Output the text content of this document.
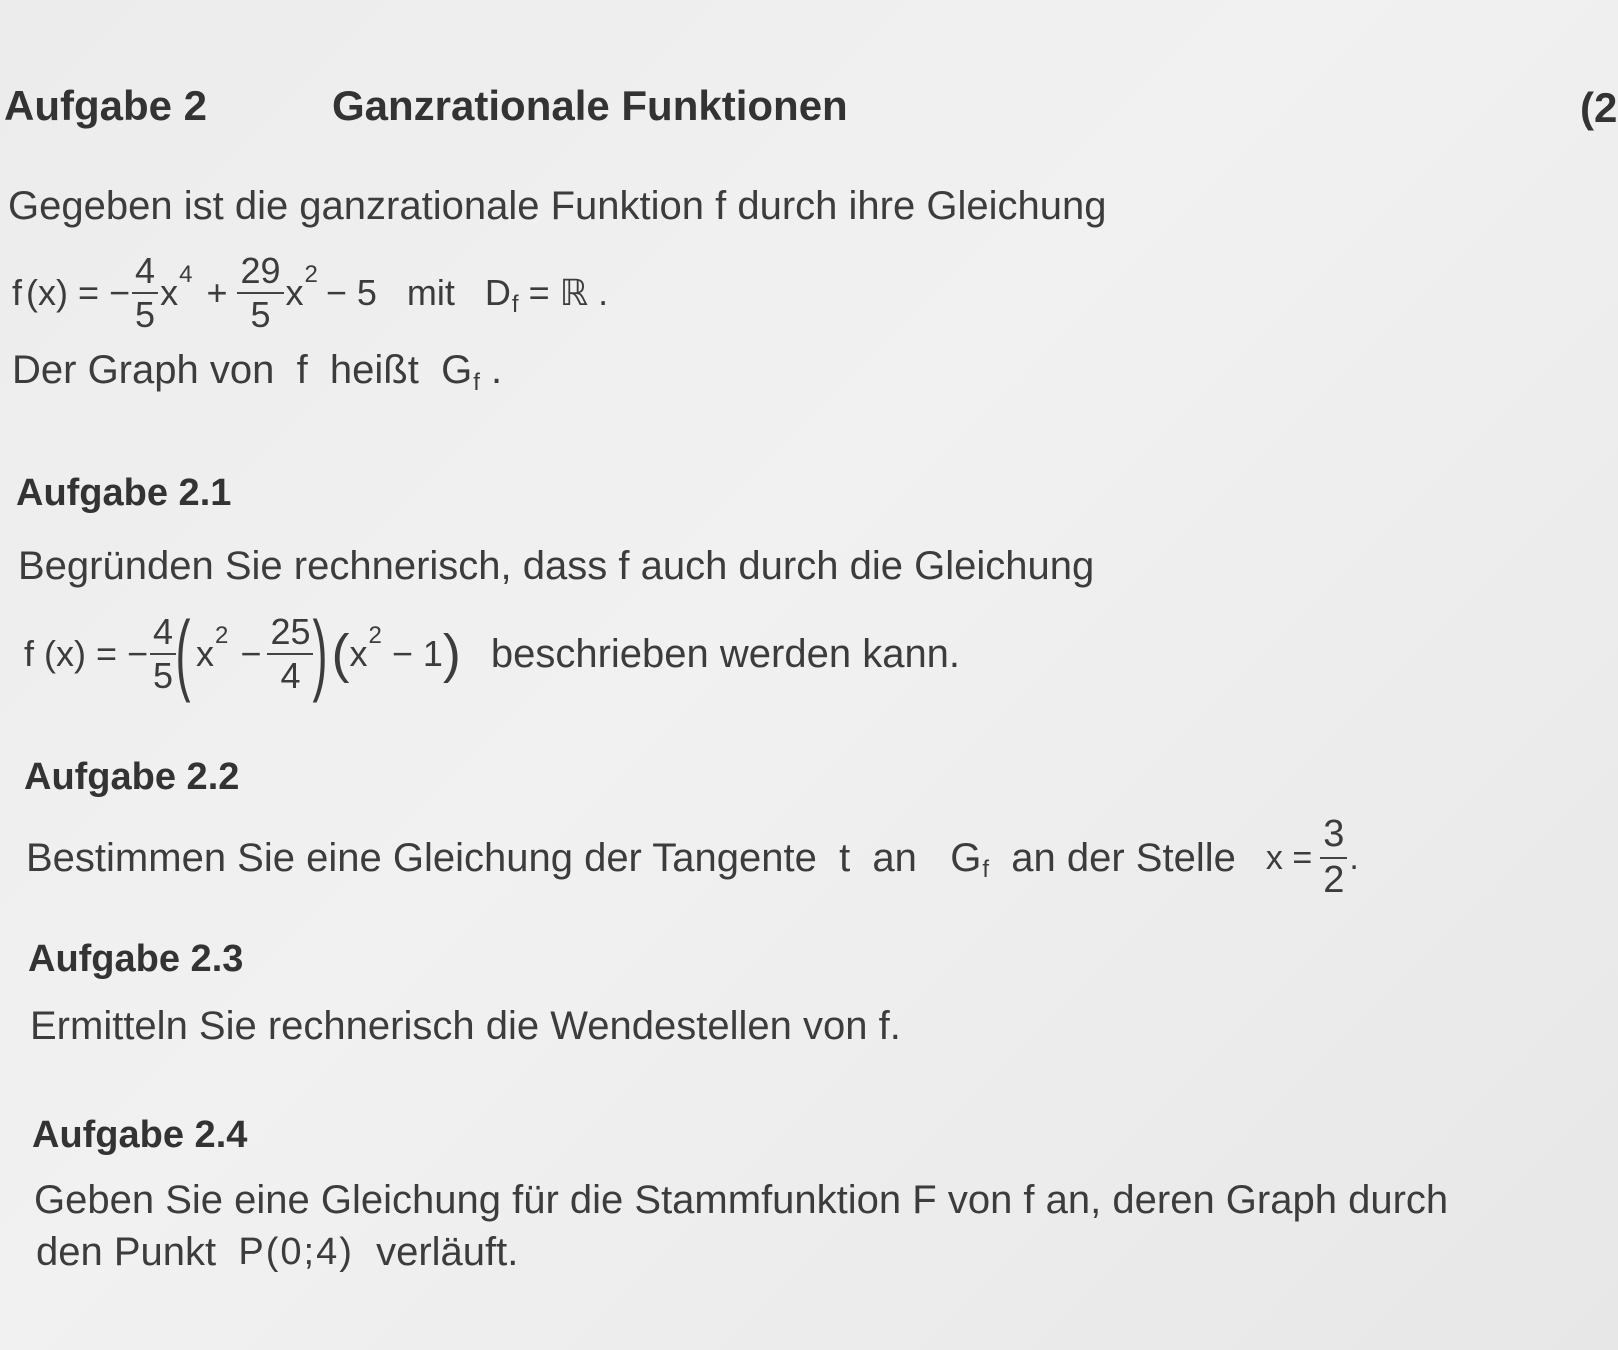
Aufgabe 2	Ganzrationale Funktionen	(2
Gegeben ist die ganzrationale Funktion f durch ihre Gleichung
f (x) = − $\frac{4}{5}$ x $4 + \frac{29}{5}$ x 2 − 5   mit   D f = ℝ .
Der Graph von  f  heißt  G f .
Aufgabe 2.1
Begründen Sie rechnerisch, dass f auch durch die Gleichung
f (x) = − $\frac{4}{5}$ ( x $2 - \frac{25}{4}$ ) ( x 2 − 1 ) beschrieben werden kann.
Aufgabe 2.2
Bestimmen Sie eine Gleichung der Tangente  t  an   G f an der Stelle $x = \frac{3}{2}$ .
Aufgabe 2.3
Ermitteln Sie rechnerisch die Wendestellen von f.
Aufgabe 2.4
Geben Sie eine Gleichung für die Stammfunktion F von f an, deren Graph durch
den Punkt P(0;4) verläuft.
